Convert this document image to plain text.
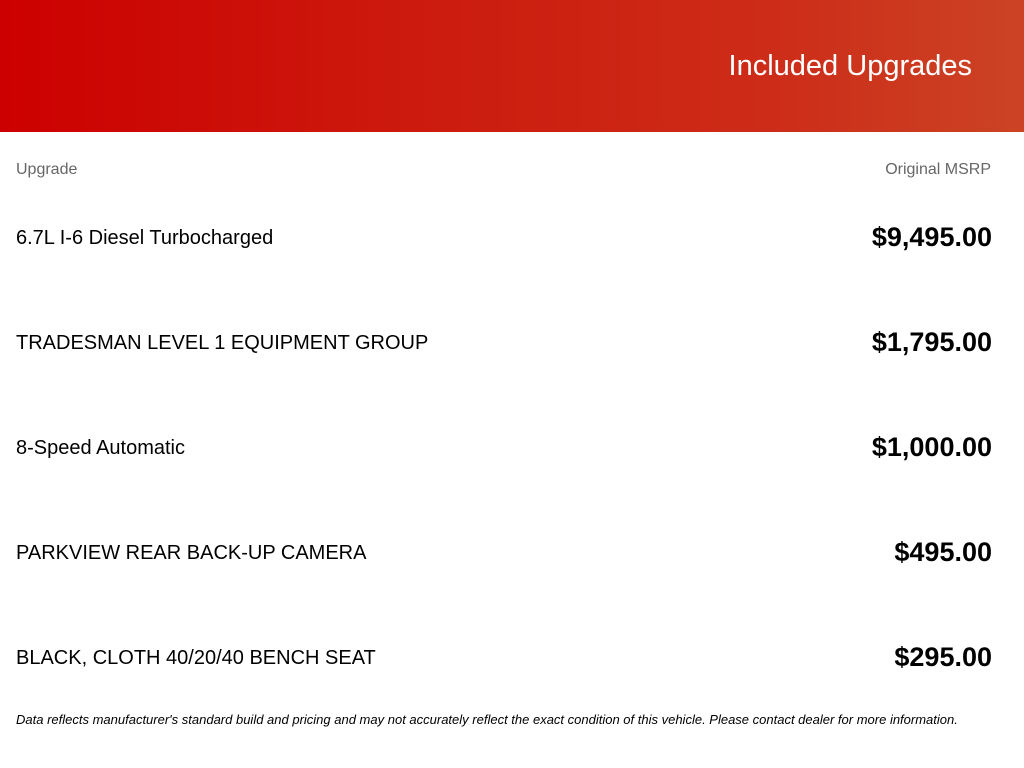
Included Upgrades
Upgrade	Original MSRP
6.7L I-6 Diesel Turbocharged	$9,495.00
TRADESMAN LEVEL 1 EQUIPMENT GROUP	$1,795.00
8-Speed Automatic	$1,000.00
PARKVIEW REAR BACK-UP CAMERA	$495.00
BLACK, CLOTH 40/20/40 BENCH SEAT	$295.00
Data reflects manufacturer's standard build and pricing and may not accurately reflect the exact condition of this vehicle. Please contact dealer for more information.
